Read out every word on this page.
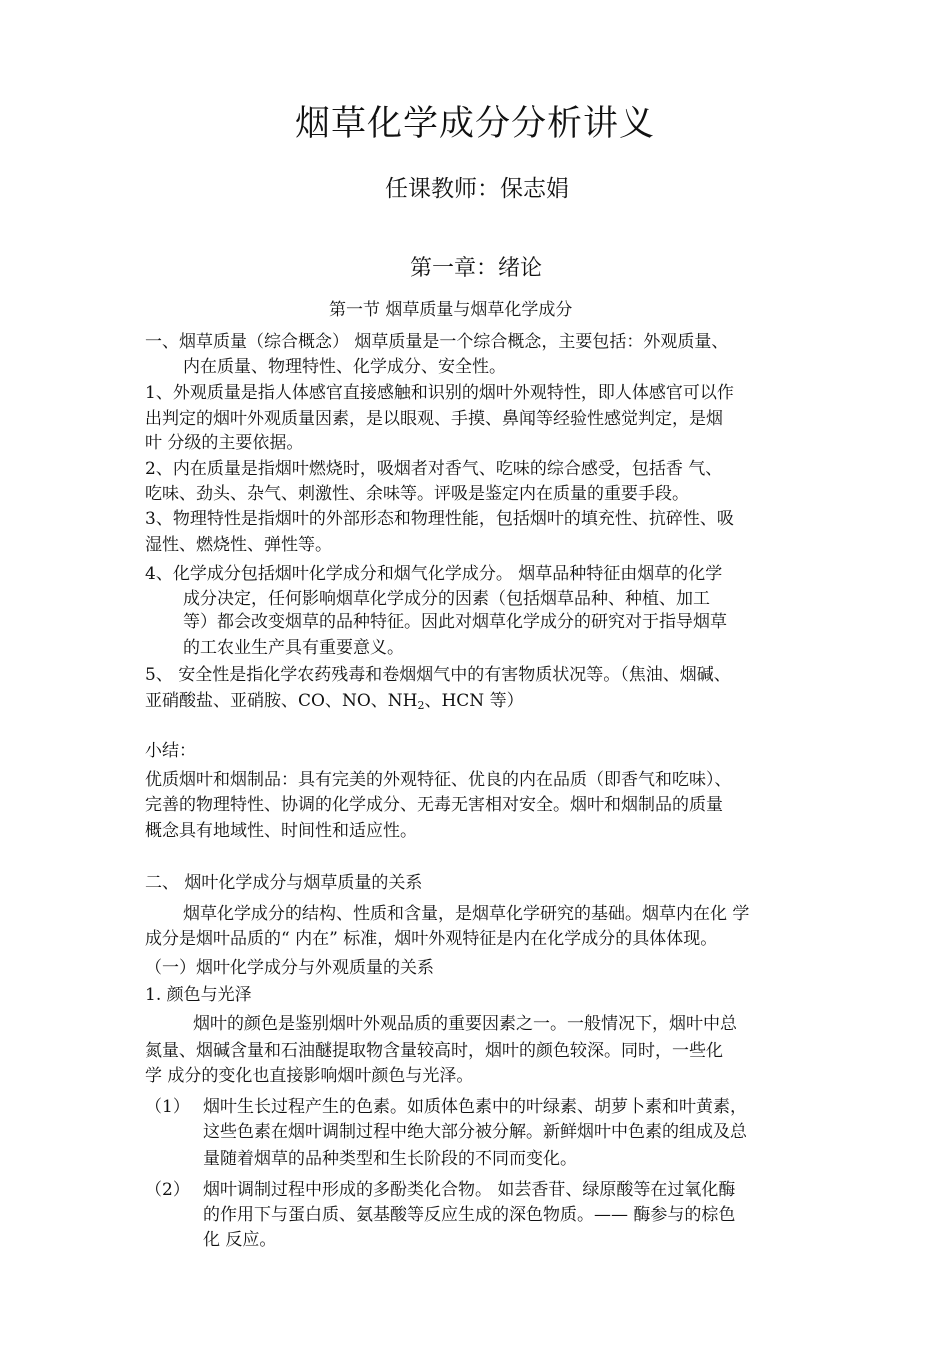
烟草化学成分分析讲义
任课教师：保志娟
第一章：绪论
第一节 烟草质量与烟草化学成分
一、烟草质量（综合概念） 烟草质量是一个综合概念，主要包括：外观质量、
内在质量、物理特性、化学成分、安全性。
1、外观质量是指人体感官直接感触和识别的烟叶外观特性，即人体感官可以作
出判定的烟叶外观质量因素，是以眼观、手摸、鼻闻等经验性感觉判定，是烟
叶 分级的主要依据。
2、内在质量是指烟叶燃烧时，吸烟者对香气、吃味的综合感受，包括香 气、
吃味、劲头、杂气、刺激性、余味等。评吸是鉴定内在质量的重要手段。
3、物理特性是指烟叶的外部形态和物理性能，包括烟叶的填充性、抗碎性、吸
湿性、燃烧性、弹性等。
4、化学成分包括烟叶化学成分和烟气化学成分。 烟草品种特征由烟草的化学
成分决定，任何影响烟草化学成分的因素（包括烟草品种、种植、加工
等）都会改变烟草的品种特征。因此对烟草化学成分的研究对于指导烟草
的工农业生产具有重要意义。
5、 安全性是指化学农药残毒和卷烟烟气中的有害物质状况等。（焦油、烟碱、
亚硝酸盐、亚硝胺、CO、NO、$NH_2$、HCN 等）
小结：
优质烟叶和烟制品：具有完美的外观特征、优良的内在品质（即香气和吃味）、
完善的物理特性、协调的化学成分、无毒无害相对安全。烟叶和烟制品的质量
概念具有地域性、时间性和适应性。
二、 烟叶化学成分与烟草质量的关系
烟草化学成分的结构、性质和含量，是烟草化学研究的基础。烟草内在化 学
成分是烟叶品质的“ 内在” 标准，烟叶外观特征是内在化学成分的具体体现。
（一）烟叶化学成分与外观质量的关系
1. 颜色与光泽
烟叶的颜色是鉴别烟叶外观品质的重要因素之一。一般情况下，烟叶中总
氮量、烟碱含量和石油醚提取物含量较高时，烟叶的颜色较深。同时，一些化
学 成分的变化也直接影响烟叶颜色与光泽。
（1） 烟叶生长过程产生的色素。如质体色素中的叶绿素、胡萝卜素和叶黄素，
这些色素在烟叶调制过程中绝大部分被分解。新鲜烟叶中色素的组成及总
量随着烟草的品种类型和生长阶段的不同而变化。
（2） 烟叶调制过程中形成的多酚类化合物。 如芸香苷、绿原酸等在过氧化酶
的作用下与蛋白质、氨基酸等反应生成的深色物质。—— 酶参与的棕色
化 反应。
